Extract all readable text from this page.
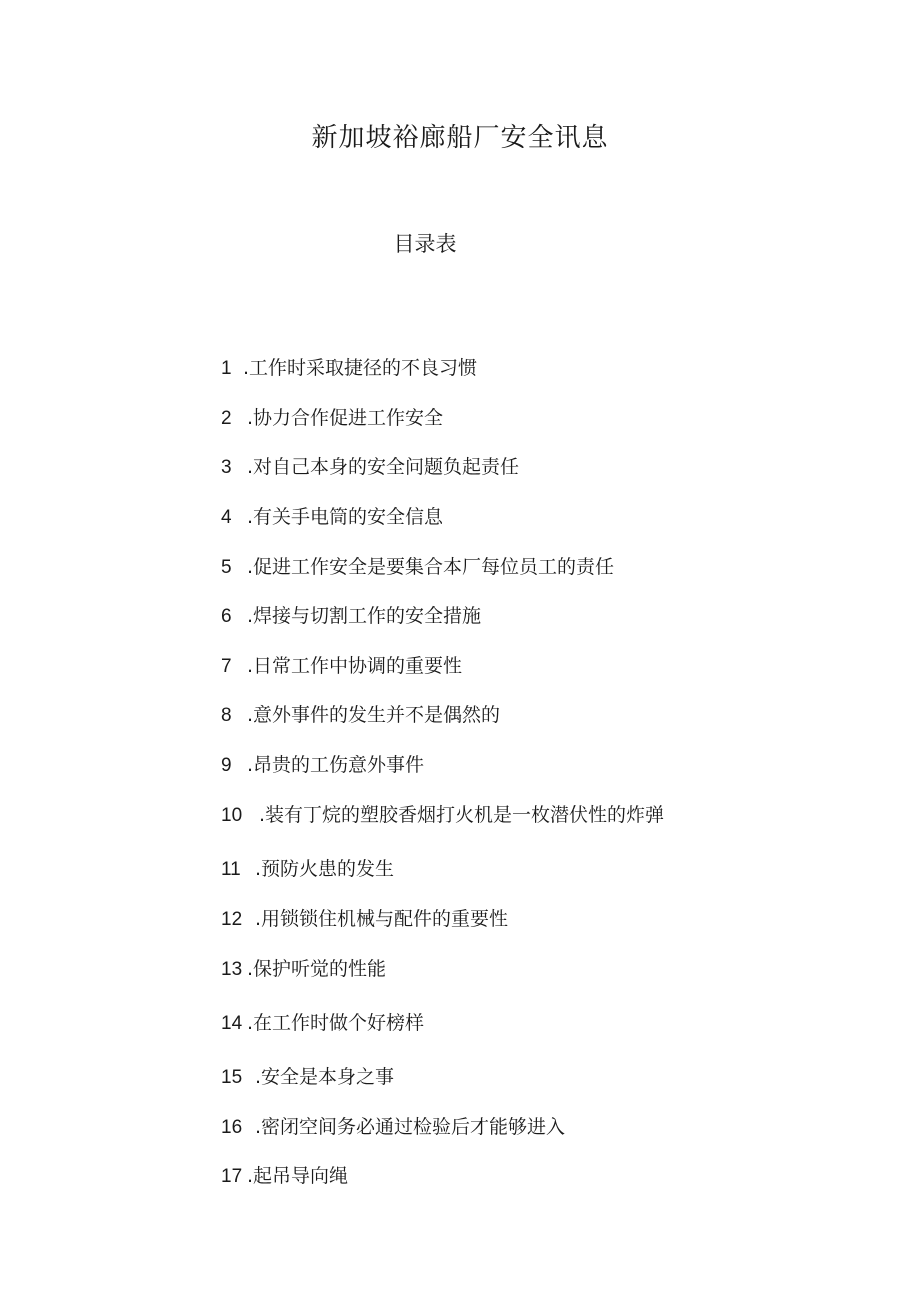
新加坡裕廊船厂安全讯息
目录表
1 .工作时采取捷径的不良习惯
2 .协力合作促进工作安全
3 .对自己本身的安全问题负起责任
4 .有关手电筒的安全信息
5 .促进工作安全是要集合本厂每位员工的责任
6 .焊接与切割工作的安全措施
7 .日常工作中协调的重要性
8 .意外事件的发生并不是偶然的
9 .昂贵的工伤意外事件
10 .装有丁烷的塑胶香烟打火机是一枚潜伏性的炸弹
11 .预防火患的发生
12 .用锁锁住机械与配件的重要性
13 .保护听觉的性能
14 .在工作时做个好榜样
15 .安全是本身之事
16 .密闭空间务必通过检验后才能够进入
17 .起吊导向绳
